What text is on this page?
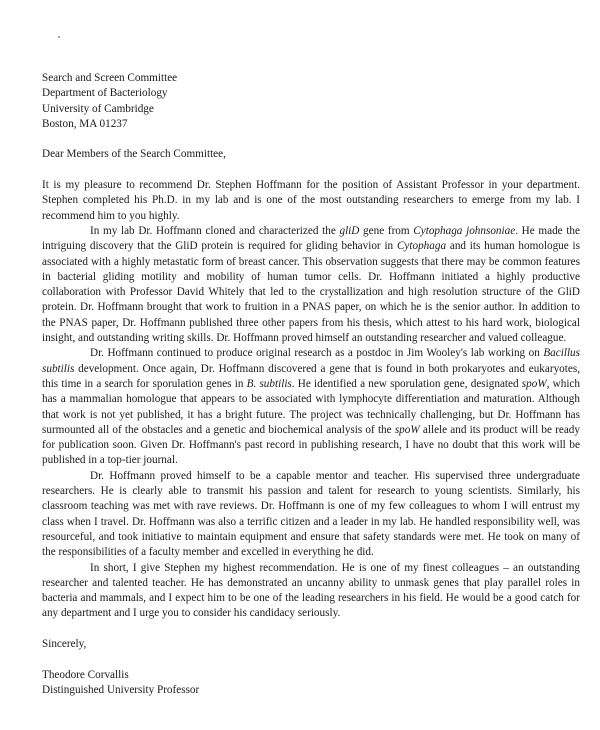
Search and Screen Committee
Department of Bacteriology
University of Cambridge
Boston, MA 01237
Dear Members of the Search Committee,

It is my pleasure to recommend Dr. Stephen Hoffmann for the position of Assistant Professor in your department. Stephen completed his Ph.D. in my lab and is one of the most outstanding researchers to emerge from my lab. I recommend him to you highly.

In my lab Dr. Hoffmann cloned and characterized the gliD gene from Cytophaga johnsoniae. He made the intriguing discovery that the GliD protein is required for gliding behavior in Cytophaga and its human homologue is associated with a highly metastatic form of breast cancer. This observation suggests that there may be common features in bacterial gliding motility and mobility of human tumor cells. Dr. Hoffmann initiated a highly productive collaboration with Professor David Whitely that led to the crystallization and high resolution structure of the GliD protein. Dr. Hoffmann brought that work to fruition in a PNAS paper, on which he is the senior author. In addition to the PNAS paper, Dr. Hoffmann published three other papers from his thesis, which attest to his hard work, biological insight, and outstanding writing skills. Dr. Hoffmann proved himself an outstanding researcher and valued colleague.

Dr. Hoffmann continued to produce original research as a postdoc in Jim Wooley's lab working on Bacillus subtilis development. Once again, Dr. Hoffmann discovered a gene that is found in both prokaryotes and eukaryotes, this time in a search for sporulation genes in B. subtilis. He identified a new sporulation gene, designated spoW, which has a mammalian homologue that appears to be associated with lymphocyte differentiation and maturation. Although that work is not yet published, it has a bright future. The project was technically challenging, but Dr. Hoffmann has surmounted all of the obstacles and a genetic and biochemical analysis of the spoW allele and its product will be ready for publication soon. Given Dr. Hoffmann's past record in publishing research, I have no doubt that this work will be published in a top-tier journal.

Dr. Hoffmann proved himself to be a capable mentor and teacher. His supervised three undergraduate researchers. He is clearly able to transmit his passion and talent for research to young scientists. Similarly, his classroom teaching was met with rave reviews. Dr. Hoffmann is one of my few colleagues to whom I will entrust my class when I travel. Dr. Hoffmann was also a terrific citizen and a leader in my lab. He handled responsibility well, was resourceful, and took initiative to maintain equipment and ensure that safety standards were met. He took on many of the responsibilities of a faculty member and excelled in everything he did.

In short, I give Stephen my highest recommendation. He is one of my finest colleagues – an outstanding researcher and talented teacher. He has demonstrated an uncanny ability to unmask genes that play parallel roles in bacteria and mammals, and I expect him to be one of the leading researchers in his field. He would be a good catch for any department and I urge you to consider his candidacy seriously.

Sincerely,
Theodore Corvallis
Distinguished University Professor
